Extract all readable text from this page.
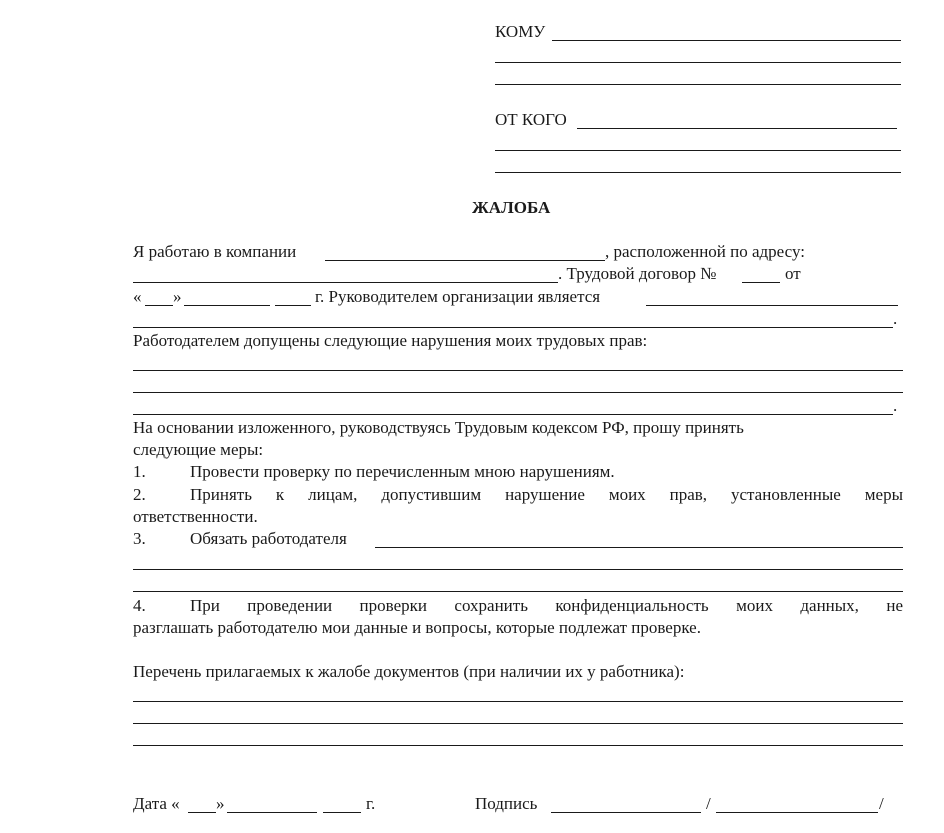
КОМУ
ОТ КОГО
ЖАЛОБА
Я работаю в компании	, расположенной по адресу:
. Трудовой договор №	от
« »	г. Руководителем организации является
.
Работодателем допущены следующие нарушения моих трудовых прав:
.
На основании изложенного, руководствуясь Трудовым кодексом РФ, прошу принять
следующие меры:
1.	Провести проверку по перечисленным мною нарушениям.
2.	Принять к лицам, допустившим нарушение моих прав, установленные меры
ответственности.
3.	Обязать работодателя
4.	При проведении проверки сохранить конфиденциальность моих данных, не
разглашать работодателю мои данные и вопросы, которые подлежат проверке.
Перечень прилагаемых к жалобе документов (при наличии их у работника):
Дата « »	г.	Подпись	/	/
